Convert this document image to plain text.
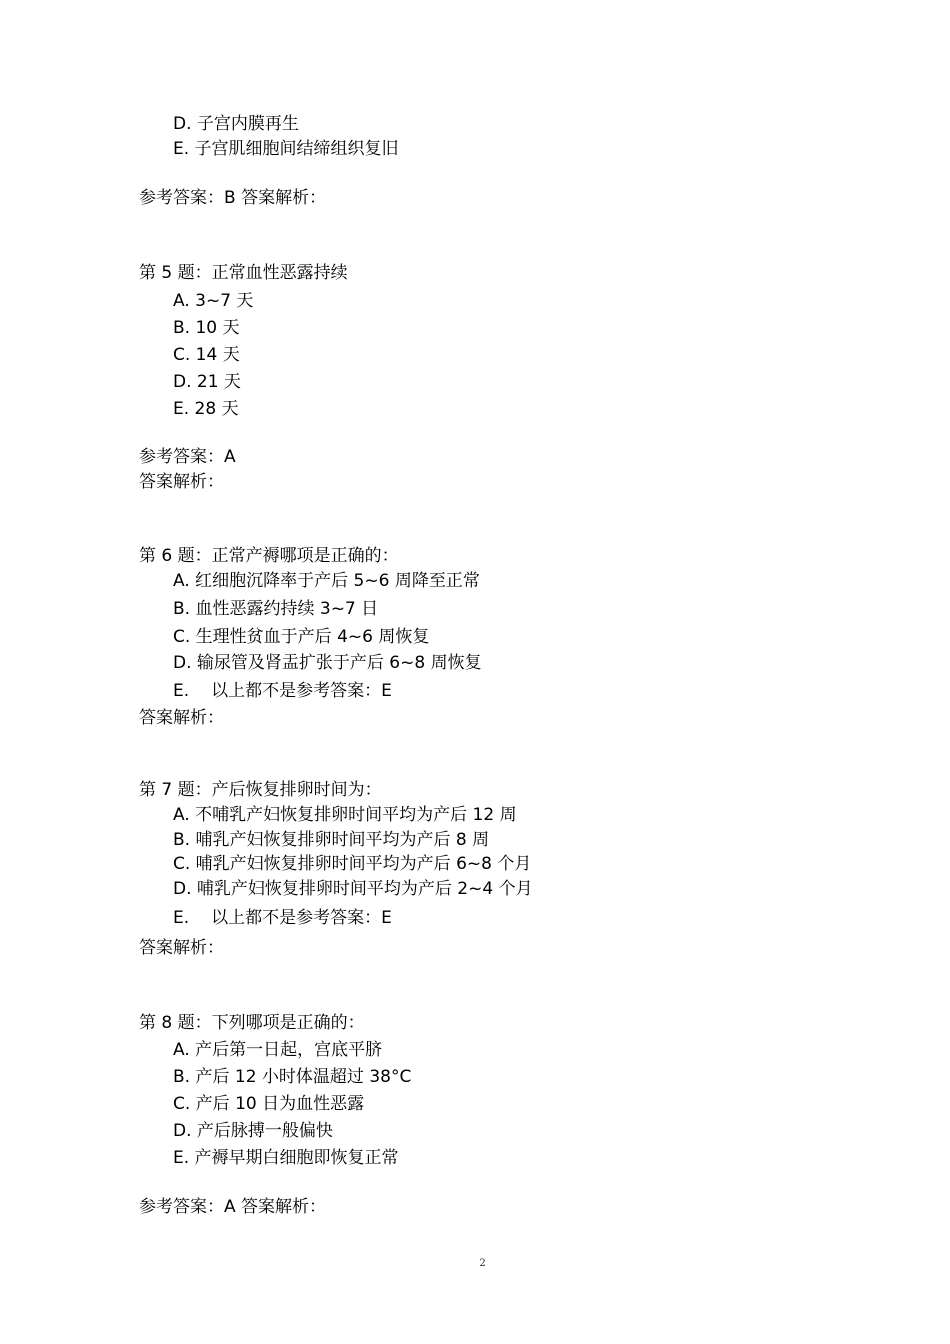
D. 子宫内膜再生
E. 子宫肌细胞间结缔组织复旧
参考答案：B 答案解析：
第 5 题：正常血性恶露持续
A. 3~7 天
B. 10 天
C. 14 天
D. 21 天
E. 28 天
参考答案：A
答案解析：
第 6 题：正常产褥哪项是正确的：
A. 红细胞沉降率于产后 5~6 周降至正常
B. 血性恶露约持续 3~7 日
C. 生理性贫血于产后 4~6 周恢复
D. 输尿管及肾盂扩张于产后 6~8 周恢复
E. 以上都不是参考答案：E
答案解析：
第 7 题：产后恢复排卵时间为：
A. 不哺乳产妇恢复排卵时间平均为产后 12 周
B. 哺乳产妇恢复排卵时间平均为产后 8 周
C. 哺乳产妇恢复排卵时间平均为产后 6~8 个月
D. 哺乳产妇恢复排卵时间平均为产后 2~4 个月
E. 以上都不是参考答案：E
答案解析：
第 8 题：下列哪项是正确的：
A. 产后第一日起，宫底平脐
B. 产后 12 小时体温超过 38°C
C. 产后 10 日为血性恶露
D. 产后脉搏一般偏快
E. 产褥早期白细胞即恢复正常
参考答案：A 答案解析：
2
